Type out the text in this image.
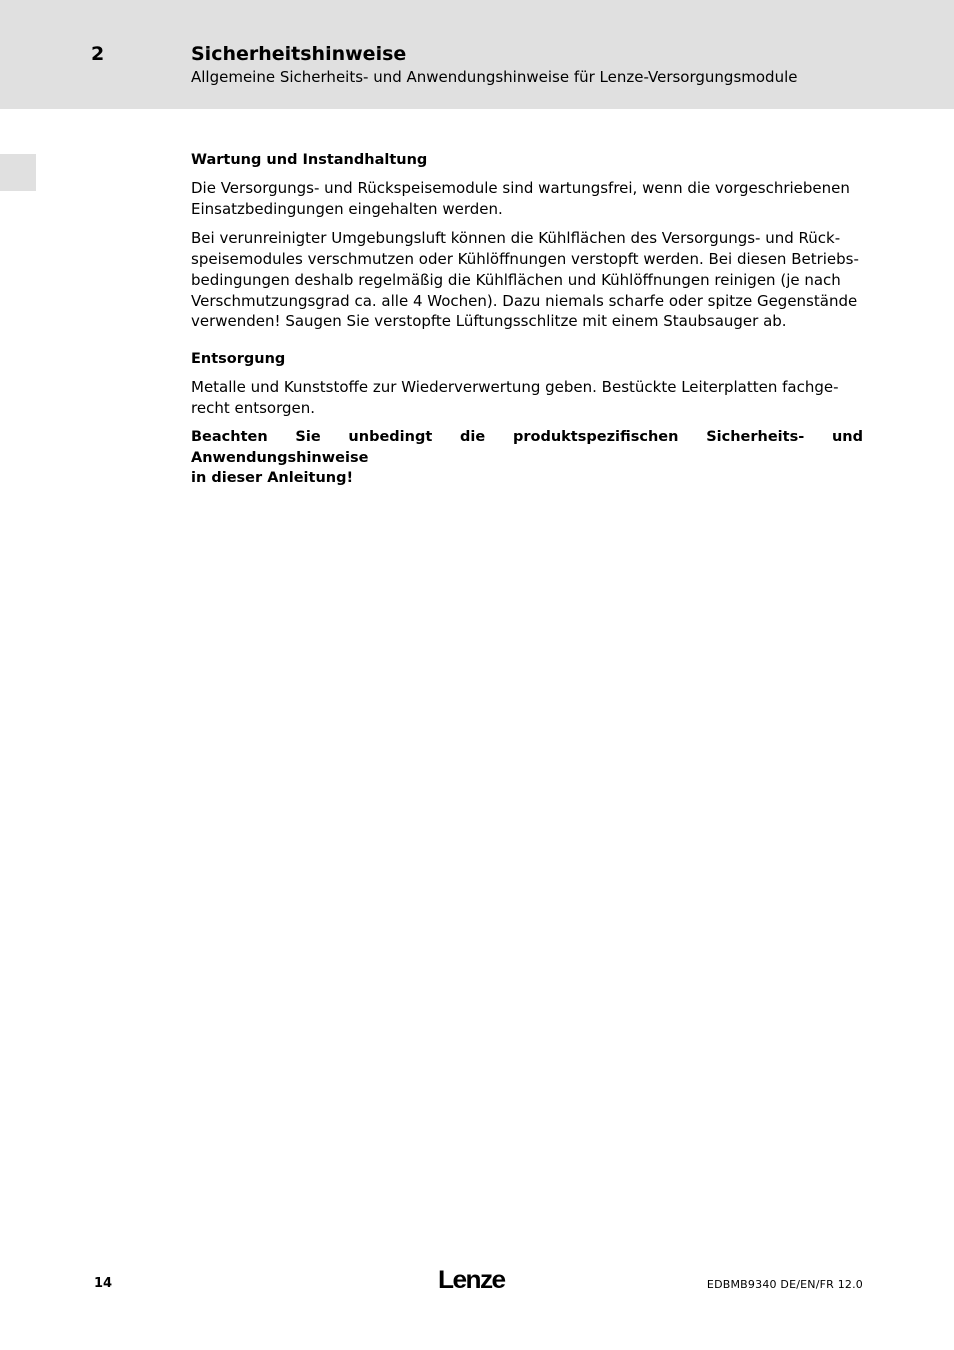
2	Sicherheitshinweise
Allgemeine Sicherheits- und Anwendungshinweise für Lenze-Versorgungsmodule
Wartung und Instandhaltung

Die Versorgungs- und Rückspeisemodule sind wartungsfrei, wenn die vorgeschriebenen
Einsatzbedingungen eingehalten werden.

Bei verunreinigter Umgebungsluft können die Kühlflächen des Versorgungs- und Rück-
speisemodules verschmutzen oder Kühlöffnungen verstopft werden. Bei diesen Betriebs-
bedingungen deshalb regelmäßig die Kühlflächen und Kühlöffnungen reinigen (je nach
Verschmutzungsgrad ca. alle 4 Wochen). Dazu niemals scharfe oder spitze Gegenstände
verwenden! Saugen Sie verstopfte Lüftungsschlitze mit einem Staubsauger ab.

Entsorgung

Metalle und Kunststoffe zur Wiederverwertung geben. Bestückte Leiterplatten fachge-
recht entsorgen.

Beachten Sie unbedingt die produktspezifischen Sicherheits- und Anwendungshinweise
in dieser Anleitung!

14	Lenze	EDBMB9340 DE/EN/FR 12.0
